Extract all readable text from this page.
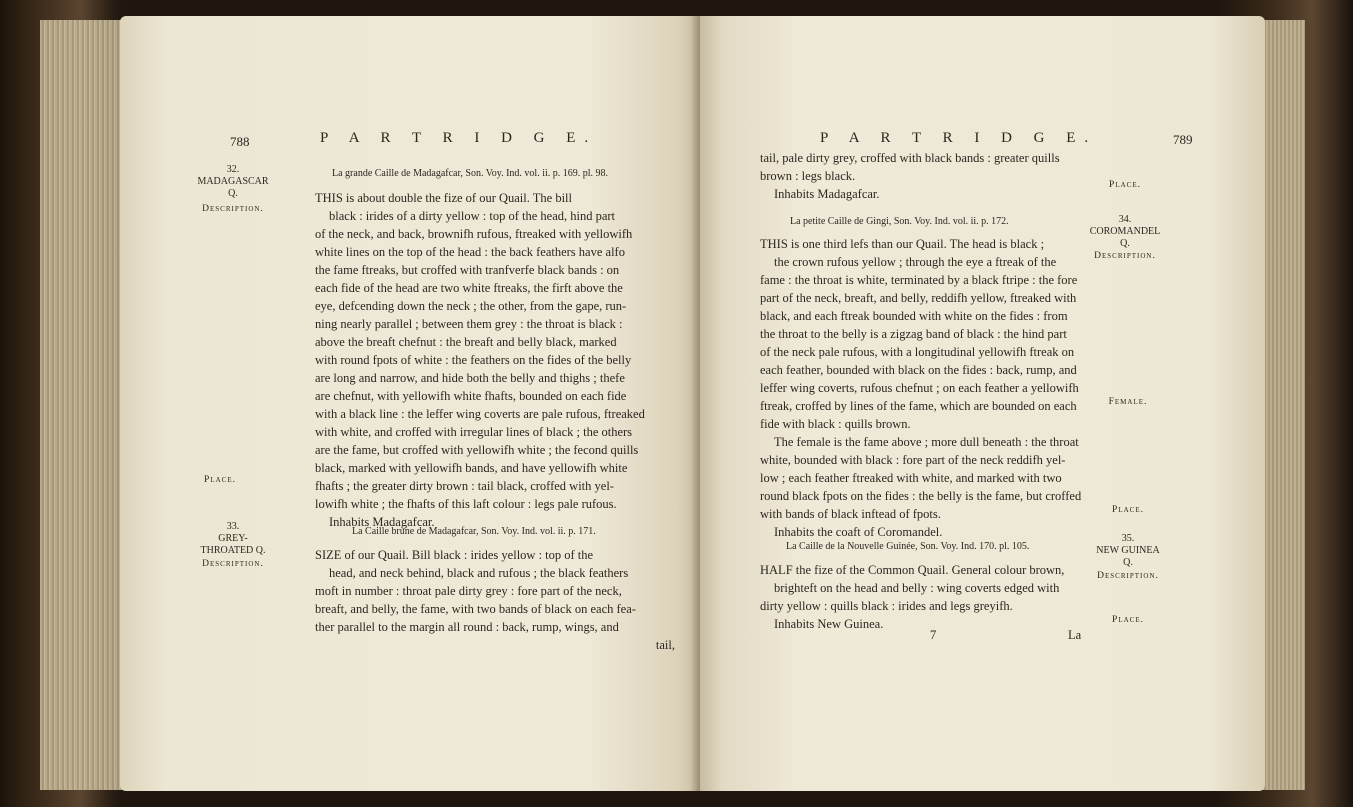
788	P A R T R I D G E.
32.
MADAGASCAR
Q.
Description.
Place.
La grande Caille de Madagafcar, Son. Voy. Ind. vol. ii. p. 169. pl. 98.

THIS is about double the fize of our Quail. The bill

black : irides of a dirty yellow : top of the head, hind part

of the neck, and back, brownifh rufous, ftreaked with yellowifh

white lines on the top of the head : the back feathers have alfo

the fame ftreaks, but croffed with tranfverfe black bands : on

each fide of the head are two white ftreaks, the firft above the

eye, defcending down the neck ; the other, from the gape, run-

ning nearly parallel ; between them grey : the throat is black :

above the breaft chefnut : the breaft and belly black, marked

with round fpots of white : the feathers on the fides of the belly

are long and narrow, and hide both the belly and thighs ; thefe

are chefnut, with yellowifh white fhafts, bounded on each fide

with a black line : the leffer wing coverts are pale rufous, ftreaked

with white, and croffed with irregular lines of black ; the others

are the fame, but croffed with yellowifh white ; the fecond quills

black, marked with yellowifh bands, and have yellowifh white

fhafts ; the greater dirty brown : tail black, croffed with yel-

lowifh white ; the fhafts of this laft colour : legs pale rufous.

Inhabits Madagafcar.

33.
GREY-
THROATED Q.
Description.
La Caille brune de Madagafcar, Son. Voy. Ind. vol. ii. p. 171.

SIZE of our Quail. Bill black : irides yellow : top of the

head, and neck behind, black and rufous ; the black feathers

moft in number : throat pale dirty grey : fore part of the neck,

breaft, and belly, the fame, with two bands of black on each fea-

ther parallel to the margin all round : back, rump, wings, and

tail,

P A R T R I D G E.	789

tail, pale dirty grey, croffed with black bands : greater quills

brown : legs black.

Inhabits Madagafcar.

Place.
La petite Caille de Gingi, Son. Voy. Ind. vol. ii. p. 172.	34.
COROMANDEL
Q.
Description.

THIS is one third lefs than our Quail. The head is black ;

the crown rufous yellow ; through the eye a ftreak of the

fame : the throat is white, terminated by a black ftripe : the fore

part of the neck, breaft, and belly, reddifh yellow, ftreaked with

black, and each ftreak bounded with white on the fides : from

the throat to the belly is a zigzag band of black : the hind part

of the neck pale rufous, with a longitudinal yellowifh ftreak on

each feather, bounded with black on the fides : back, rump, and

leffer wing coverts, rufous chefnut ; on each feather a yellowifh

ftreak, croffed by lines of the fame, which are bounded on each

fide with black : quills brown.

The female is the fame above ; more dull beneath : the throat

white, bounded with black : fore part of the neck reddifh yel-

low ; each feather ftreaked with white, and marked with two

round black fpots on the fides : the belly is the fame, but croffed

with bands of black inftead of fpots.

Inhabits the coaft of Coromandel.

Female.
Place.
La Caille de la Nouvelle Guinée, Son. Voy. Ind. 170. pl. 105.
35.
NEW GUINEA
Q.
Description.

HALF the fize of the Common Quail. General colour brown,

brighteft on the head and belly : wing coverts edged with

dirty yellow : quills black : irides and legs greyifh.

Inhabits New Guinea.	Place.
7	La
